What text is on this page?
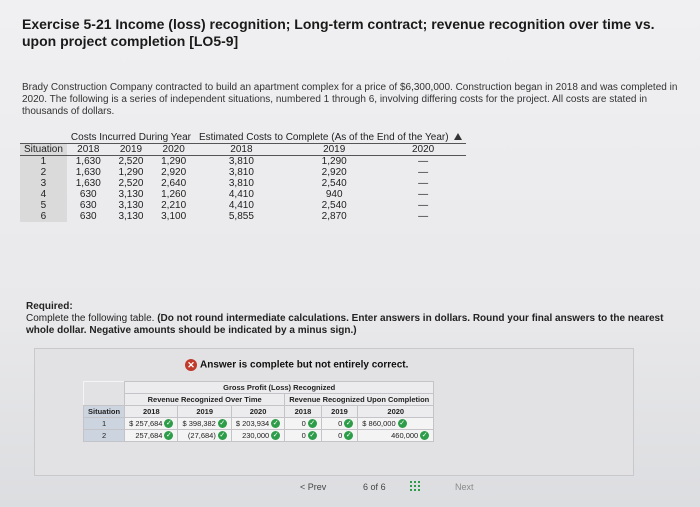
Exercise 5-21 Income (loss) recognition; Long-term contract; revenue recognition over time vs. upon project completion [LO5-9]
Brady Construction Company contracted to build an apartment complex for a price of $6,300,000. Construction began in 2018 and was completed in 2020. The following is a series of independent situations, numbered 1 through 6, involving differing costs for the project. All costs are stated in thousands of dollars.
	Costs Incurred During Year			Estimated Costs to Complete (As of the End of the Year)		
Situation	2018	2019	2020	2018	2019	2020
1	1,630	2,520	1,290	3,810	1,290	—
2	1,630	1,290	2,920	3,810	2,920	—
3	1,630	2,520	2,640	3,810	2,540	—
4	630	3,130	1,260	4,410	940	—
5	630	3,130	2,210	4,410	2,540	—
6	630	3,130	3,100	5,855	2,870	—
Required:
Complete the following table. (Do not round intermediate calculations. Enter answers in dollars. Round your final answers to the nearest whole dollar. Negative amounts should be indicated by a minus sign.)
✕ Answer is complete but not entirely correct.
	Gross Profit (Loss) Recognized					
	Revenue Recognized Over Time			Revenue Recognized Upon Completion		
Situation	2018	2019	2020	2018	2019	2020
1	$ 257,684 ✓	$ 398,382 ✓	$ 203,934 ✓	0 ✓	0 ✓	$ 860,000 ✓

2	257,684 ✓	(27,684) ✓	230,000 ✓	0 ✓	0 ✓	460,000 ✓
< Prev	6 of 6	Next
